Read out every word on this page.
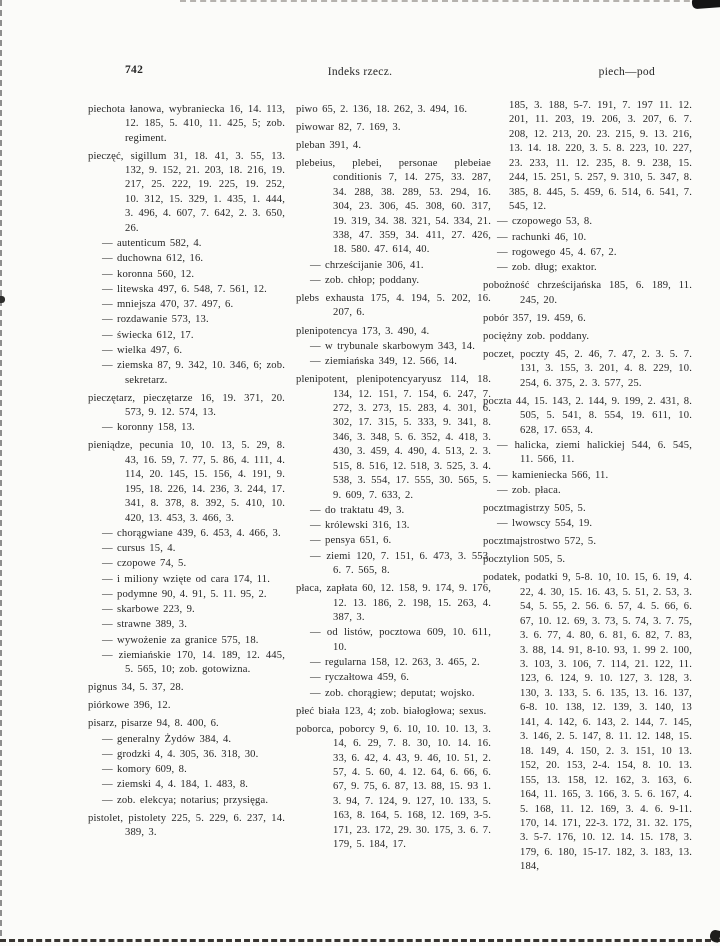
742	Indeks rzecz.	piech—pod

piechota łanowa, wybraniecka 16, 14. 113, 12. 185, 5. 410, 11. 425, 5; zob. regiment.

pieczęć, sigillum 31, 18. 41, 3. 55, 13. 132, 9. 152, 21. 203, 18. 216, 19. 217, 25. 222, 19. 225, 19. 252, 10. 312, 15. 329, 1. 435, 1. 444, 3. 496, 4. 607, 7. 642, 2. 3. 650, 26.

— autenticum 582, 4.

— duchowna 612, 16.

— koronna 560, 12.

— litewska 497, 6. 548, 7. 561, 12.

— mniejsza 470, 37. 497, 6.

— rozdawanie 573, 13.

— świecka 612, 17.

— wielka 497, 6.

— ziemska 87, 9. 342, 10. 346, 6; zob. sekretarz.

pieczętarz, pieczętarze 16, 19. 371, 20. 573, 9. 12. 574, 13.

— koronny 158, 13.

pieniądze, pecunia 10, 10. 13, 5. 29, 8. 43, 16. 59, 7. 77, 5. 86, 4. 111, 4. 114, 20. 145, 15. 156, 4. 191, 9. 195, 18. 226, 14. 236, 3. 244, 17. 341, 8. 378, 8. 392, 5. 410, 10. 420, 13. 453, 3. 466, 3.

— chorągwiane 439, 6. 453, 4. 466, 3.

— cursus 15, 4.

— czopowe 74, 5.

— i miliony wzięte od cara 174, 11.

— podymne 90, 4. 91, 5. 11. 95, 2.

— skarbowe 223, 9.

— strawne 389, 3.

— wywożenie za granice 575, 18.

— ziemiańskie 170, 14. 189, 12. 445, 5. 565, 10; zob. gotowizna.

pignus 34, 5. 37, 28.

piórkowe 396, 12.

pisarz, pisarze 94, 8. 400, 6.

— generalny Żydów 384, 4.

— grodzki 4, 4. 305, 36. 318, 30.

— komory 609, 8.

— ziemski 4, 4. 184, 1. 483, 8.

— zob. elekcya; notarius; przysięga.

pistolet, pistolety 225, 5. 229, 6. 237, 14. 389, 3.

piwo 65, 2. 136, 18. 262, 3. 494, 16.

piwowar 82, 7. 169, 3.

pleban 391, 4.

plebeius, plebei, personae plebeiae conditionis 7, 14. 275, 33. 287, 34. 288, 38. 289, 53. 294, 16. 304, 23. 306, 45. 308, 60. 317, 19. 319, 34. 38. 321, 54. 334, 21. 338, 47. 359, 34. 411, 27. 426, 18. 580. 47. 614, 40.

— chrześcijanie 306, 41.

— zob. chłop; poddany.

plebs exhausta 175, 4. 194, 5. 202, 16. 207, 6.

plenipotencya 173, 3. 490, 4.

— w trybunale skarbowym 343, 14.

— ziemiańska 349, 12. 566, 14.

plenipotent, plenipotencyaryusz 114, 18. 134, 12. 151, 7. 154, 6. 247, 7. 272, 3. 273, 15. 283, 4. 301, 6. 302, 17. 315, 5. 333, 9. 341, 8. 346, 3. 348, 5. 6. 352, 4. 418, 3. 430, 3. 459, 4. 490, 4. 513, 2. 3. 515, 8. 516, 12. 518, 3. 525, 3. 4. 538, 3. 554, 17. 555, 30. 565, 5. 9. 609, 7. 633, 2.

— do traktatu 49, 3.

— królewski 316, 13.

— pensya 651, 6.

— ziemi 120, 7. 151, 6. 473, 3. 553, 6. 7. 565, 8.

płaca, zapłata 60, 12. 158, 9. 174, 9. 176, 12. 13. 186, 2. 198, 15. 263, 4. 387, 3.

— od listów, pocztowa 609, 10. 611, 10.

— regularna 158, 12. 263, 3. 465, 2.

— ryczałtowa 459, 6.

— zob. chorągiew; deputat; wojsko.

płeć biała 123, 4; zob. białogłowa; sexus.

poborca, poborcy 9, 6. 10, 10. 10. 13, 3. 14, 6. 29, 7. 8. 30, 10. 14. 16. 33, 6. 42, 4. 43, 9. 46, 10. 51, 2. 57, 4. 5. 60, 4. 12. 64, 6. 66, 6. 67, 9. 75, 6. 87, 13. 88, 15. 93 1. 3. 94, 7. 124, 9. 127, 10. 133, 5. 163, 8. 164, 5. 168, 12. 169, 3-5. 171, 23. 172, 29. 30. 175, 3. 6. 7. 179, 5. 184, 17.

185, 3. 188, 5-7. 191, 7. 197 11. 12. 201, 11. 203, 19. 206, 3. 207, 6. 7. 208, 12. 213, 20. 23. 215, 9. 13. 216, 13. 14. 18. 220, 3. 5. 8. 223, 10. 227, 23. 233, 11. 12. 235, 8. 9. 238, 15. 244, 15. 251, 5. 257, 9. 310, 5. 347, 8. 385, 8. 445, 5. 459, 6. 514, 6. 541, 7. 545, 12.

— czopowego 53, 8.

— rachunki 46, 10.

— rogowego 45, 4. 67, 2.

— zob. dług; exaktor.

pobożność chrześcijańska 185, 6. 189, 11. 245, 20.

pobór 357, 19. 459, 6.

pociężny zob. poddany.

poczet, poczty 45, 2. 46, 7. 47, 2. 3. 5. 7. 131, 3. 155, 3. 201, 4. 8. 229, 10. 254, 6. 375, 2. 3. 577, 25.

poczta 44, 15. 143, 2. 144, 9. 199, 2. 431, 8. 505, 5. 541, 8. 554, 19. 611, 10. 628, 17. 653, 4.

— halicka, ziemi halickiej 544, 6. 545, 11. 566, 11.

— kamieniecka 566, 11.

— zob. płaca.

pocztmagistrzy 505, 5.

— lwowscy 554, 19.

pocztmajstrostwo 572, 5.

pocztylion 505, 5.

podatek, podatki 9, 5-8. 10, 10. 15, 6. 19, 4. 22, 4. 30, 15. 16. 43, 5. 51, 2. 53, 3. 54, 5. 55, 2. 56. 6. 57, 4. 5. 66, 6. 67, 10. 12. 69, 3. 73, 5. 74, 3. 7. 75, 3. 6. 77, 4. 80, 6. 81, 6. 82, 7. 83, 3. 88, 14. 91, 8-10. 93, 1. 99 2. 100, 3. 103, 3. 106, 7. 114, 21. 122, 11. 123, 6. 124, 9. 10. 127, 3. 128, 3. 130, 3. 133, 5. 6. 135, 13. 16. 137, 6-8. 10. 138, 12. 139, 3. 140, 13 141, 4. 142, 6. 143, 2. 144, 7. 145, 3. 146, 2. 5. 147, 8. 11. 12. 148, 15. 18. 149, 4. 150, 2. 3. 151, 10 13. 152, 20. 153, 2-4. 154, 8. 10. 13. 155, 13. 158, 12. 162, 3. 163, 6. 164, 11. 165, 3. 166, 3. 5. 6. 167, 4. 5. 168, 11. 12. 169, 3. 4. 6. 9-11. 170, 14. 171, 22-3. 172, 31. 32. 175, 3. 5-7. 176, 10. 12. 14. 15. 178, 3. 179, 6. 180, 15-17. 182, 3. 183, 13. 184,
